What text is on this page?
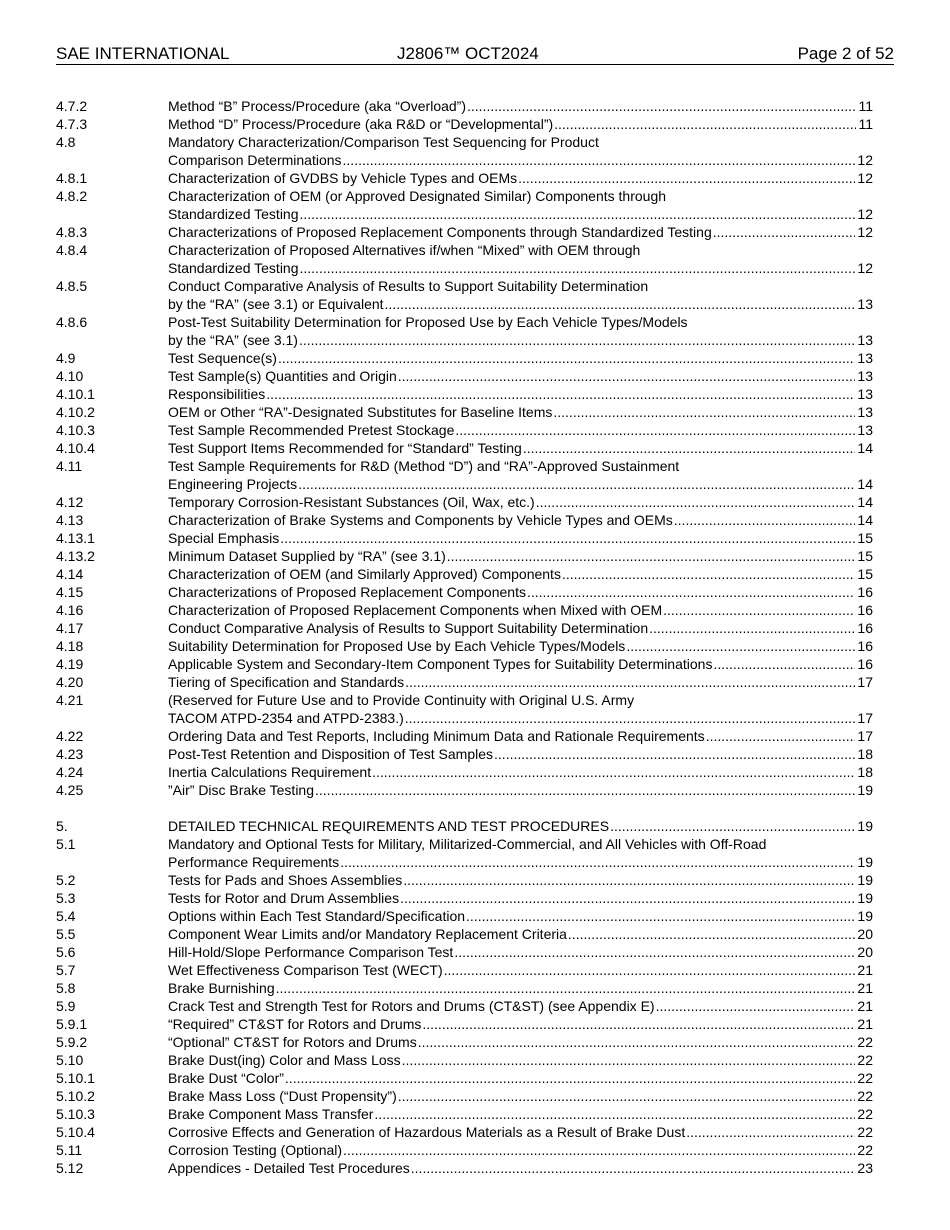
SAE INTERNATIONAL	J2806™ OCT2024	Page 2 of 52
4.7.2	Method “B” Process/Procedure (aka “Overload”) .....	11
4.7.3	Method “D” Process/Procedure (aka R&D or “Developmental”) .....	11
4.8	Mandatory Characterization/Comparison Test Sequencing for Product
Comparison Determinations .....	12
4.8.1	Characterization of GVDBS by Vehicle Types and OEMs .....	12
4.8.2	Characterization of OEM (or Approved Designated Similar) Components through
Standardized Testing .....	12
4.8.3	Characterizations of Proposed Replacement Components through Standardized Testing .....	12
4.8.4	Characterization of Proposed Alternatives if/when “Mixed” with OEM through
Standardized Testing .....	12
4.8.5	Conduct Comparative Analysis of Results to Support Suitability Determination
by the “RA” (see 3.1) or Equivalent .....	13
4.8.6	Post-Test Suitability Determination for Proposed Use by Each Vehicle Types/Models
by the “RA” (see 3.1) .....	13
4.9	Test Sequence(s) .....	13
4.10	Test Sample(s) Quantities and Origin .....	13
4.10.1	Responsibilities .....	13
4.10.2	OEM or Other “RA”-Designated Substitutes for Baseline Items .....	13
4.10.3	Test Sample Recommended Pretest Stockage .....	13
4.10.4	Test Support Items Recommended for “Standard” Testing .....	14
4.11	Test Sample Requirements for R&D (Method “D”) and “RA”-Approved Sustainment
Engineering Projects .....	14
4.12	Temporary Corrosion-Resistant Substances (Oil, Wax, etc.) .....	14
4.13	Characterization of Brake Systems and Components by Vehicle Types and OEMs .....	14
4.13.1	Special Emphasis .....	15
4.13.2	Minimum Dataset Supplied by “RA” (see 3.1) .....	15
4.14	Characterization of OEM (and Similarly Approved) Components .....	15
4.15	Characterizations of Proposed Replacement Components .....	16
4.16	Characterization of Proposed Replacement Components when Mixed with OEM .....	16
4.17	Conduct Comparative Analysis of Results to Support Suitability Determination .....	16
4.18	Suitability Determination for Proposed Use by Each Vehicle Types/Models .....	16
4.19	Applicable System and Secondary-Item Component Types for Suitability Determinations .....	16
4.20	Tiering of Specification and Standards .....	17
4.21	(Reserved for Future Use and to Provide Continuity with Original U.S. Army
TACOM ATPD-2354 and ATPD-2383.) .....	17
4.22	Ordering Data and Test Reports, Including Minimum Data and Rationale Requirements .....	17
4.23	Post-Test Retention and Disposition of Test Samples .....	18
4.24	Inertia Calculations Requirement .....	18
4.25	”Air” Disc Brake Testing .....	19
5.	DETAILED TECHNICAL REQUIREMENTS AND TEST PROCEDURES .....	19
5.1	Mandatory and Optional Tests for Military, Militarized-Commercial, and All Vehicles with Off-Road
Performance Requirements .....	19
5.2	Tests for Pads and Shoes Assemblies .....	19
5.3	Tests for Rotor and Drum Assemblies .....	19
5.4	Options within Each Test Standard/Specification .....	19
5.5	Component Wear Limits and/or Mandatory Replacement Criteria .....	20
5.6	Hill-Hold/Slope Performance Comparison Test .....	20
5.7	Wet Effectiveness Comparison Test (WECT) .....	21
5.8	Brake Burnishing .....	21
5.9	Crack Test and Strength Test for Rotors and Drums (CT&ST) (see Appendix E) .....	21
5.9.1	“Required” CT&ST for Rotors and Drums .....	21
5.9.2	“Optional” CT&ST for Rotors and Drums .....	22
5.10	Brake Dust(ing) Color and Mass Loss .....	22
5.10.1	Brake Dust “Color” .....	22
5.10.2	Brake Mass Loss (“Dust Propensity”) .....	22
5.10.3	Brake Component Mass Transfer .....	22
5.10.4	Corrosive Effects and Generation of Hazardous Materials as a Result of Brake Dust .....	22
5.11	Corrosion Testing (Optional) .....	22
5.12	Appendices - Detailed Test Procedures .....	23
